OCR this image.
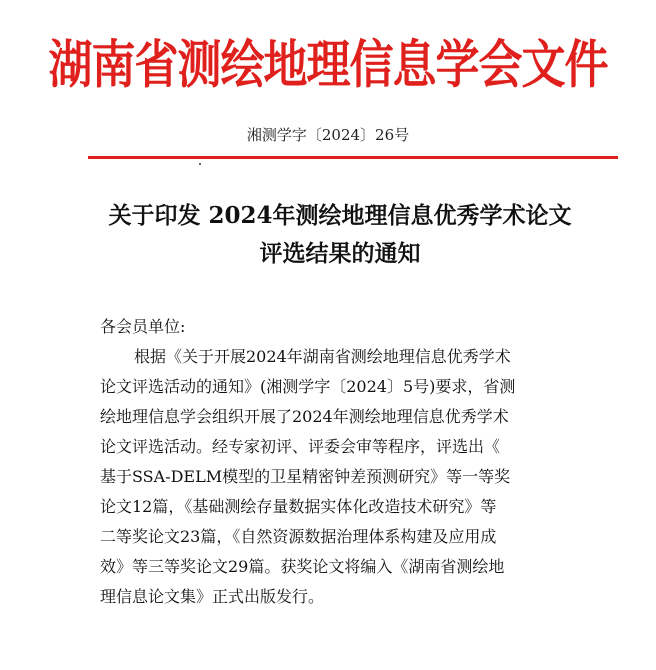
湖南省测绘地理信息学会文件
湘测学字〔2024〕26号
关于印发 2024年测绘地理信息优秀学术论文
评选结果的通知
各会员单位:
根据《关于开展2024年湖南省测绘地理信息优秀学术
论文评选活动的通知》(湘测学字〔2024〕5号)要求，省测
绘地理信息学会组织开展了2024年测绘地理信息优秀学术
论文评选活动。经专家初评、评委会审等程序，评选出《
基于SSA-DELM模型的卫星精密钟差预测研究》等一等奖
论文12篇，《基础测绘存量数据实体化改造技术研究》等
二等奖论文23篇，《自然资源数据治理体系构建及应用成
效》等三等奖论文29篇。获奖论文将编入《湖南省测绘地
理信息论文集》正式出版发行。
